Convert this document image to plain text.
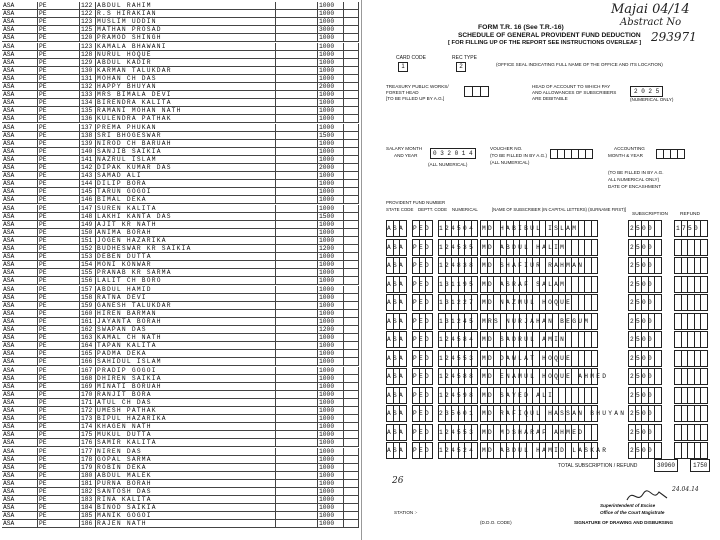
ASA	PE	122 ABDUL RAHIM	1000
ASA	PE	122 R.S HIRAKIAN	1000
ASA	PE	123 MUSLIM UDDIN	1000
ASA	PE	125 MATHAN PROSAD	3000
ASA	PE	120 PRAMOD SHINGH	1000
ASA	PE	123 KAMALA BHAWANI	1000
ASA	PE	128 NURUL HOQUE	1000
ASA	PE	129 ABDUL KADIR	1000
ASA	PE	130 KARMAN TALUKDAR	1000
ASA	PE	131 MOHAN CH DAS	1000
ASA	PE	132 HAPPY BHUYAN	2000
ASA	PE	133 MRS BIMALA DEVI	1000
ASA	PE	134 BIRENDRA KALITA	1000
ASA	PE	135 RAMANI MOHAN NATH	1000
ASA	PE	136 KULENDRA PATHAK	1000
ASA	PE	137 PREMA PHUKAN	1000
ASA	PE	138 SRI BHOGESWAR	1500
ASA	PE	139 NIROD CH BARUAH	1000
ASA	PE	140 SANJIB SAIKIA	1000
ASA	PE	141 NAZRUL ISLAM	1000
ASA	PE	142 DIPAK KUMAR DAS	2000
ASA	PE	143 SAMAD ALI	1000
ASA	PE	144 DILIP BORA	1000
ASA	PE	145 TARUN GOGOI	1000
ASA	PE	146 BIMAL DEKA	1000
ASA	PE	147 SUREN KALITA	1000
ASA	PE	148 LAKHI KANTA DAS	1500
ASA	PE	149 AJIT KR NATH	1000
ASA	PE	150 ANIMA BORAH	1000
ASA	PE	151 JOGEN HAZARIKA	1000
ASA	PE	152 BUDHESWAR KR SAIKIA	1200
ASA	PE	153 DEBEN DUTTA	1000
ASA	PE	154 MONI KONWAR	1000
ASA	PE	155 PRANAB KR SARMA	1000
ASA	PE	156 LALIT CH BORO	1000
ASA	PE	157 ABDUL HAMID	1000
ASA	PE	158 RATNA DEVI	1000
ASA	PE	159 GANESH TALUKDAR	1000
ASA	PE	160 HIREN BARMAN	1000
ASA	PE	161 JAYANTA BORAH	1000
ASA	PE	162 SWAPAN DAS	1200
ASA	PE	163 KAMAL CH NATH	1000
ASA	PE	164 TAPAN KALITA	1000
ASA	PE	165 PADMA DEKA	1000
ASA	PE	166 SAHIDUL ISLAM	1000
ASA	PE	167 PRADIP GOGOI	1000
ASA	PE	168 DHIREN SAIKIA	1000
ASA	PE	169 MINATI BORUAH	1000
ASA	PE	170 RANJIT BORA	1000
ASA	PE	171 ATUL CH DAS	1000
ASA	PE	172 UMESH PATHAK	1000
ASA	PE	173 BIPUL HAZARIKA	1000
ASA	PE	174 KHAGEN NATH	1000
ASA	PE	175 MUKUL DUTTA	1000
ASA	PE	176 SAMIR KALITA	1000
ASA	PE	177 NIREN DAS	1000
ASA	PE	178 GOPAL SARMA	1000
ASA	PE	179 ROBIN DEKA	1000
ASA	PE	180 ABDUL MALEK	1000
ASA	PE	181 PURNA BORAH	1000
ASA	PE	182 SANTOSH DAS	1000
ASA	PE	183 RINA KALITA	1000
ASA	PE	184 BINOD SAIKIA	1000
ASA	PE	185 MANIK GOGOI	1000
ASA	PE	186 RAJEN NATH	1000
Majai 04/14
Abstract No
293971
FORM T.R. 16 (See T.R.-16)
SCHEDULE OF GENERAL PROVIDENT FUND DEDUCTION
[ FOR FILLING UP OF THE REPORT SEE INSTRUCTIONS OVERLEAF ]
CARD CODE
1
REC TYPE
2	(OFFICE SEAL INDICATING FULL NAME OF THE OFFICE AND ITS LOCATION)
TREASURY PUBLIC WORKS/
FOREST HEAD
[TO BE FILLED UP BY A.G.]
HEAD OF ACCOUNT TO WHICH PAY
AND ALLOWANCES OF SUBSCRIBERS
ARE DEBITABLE
2 0 2 5
(NUMERICAL ONLY)
SALARY MONTH
AND YEAR	0 3 2 0 1 4
(ALL NUMERICAL)
VOUCHER NO.
(TO BE FILLED IN BY A.G.)
(ALL NUMERICAL)
ACCOUNTING
MONTH & YEAR
(TO BE FILLED IN BY A.G.
ALL NUMERICAL ONLY)
DATE OF ENCASHMENT
PROVIDENT FUND NUMBER
STATE CODE DEPTT. CODE NUMERICAL	[NAME OF SUBSCRIBER (IN CAPITAL LETTERS) (SURNAME FIRST)]
SUBSCRIPTION	REFUND
ASA PED 124504 MD HABIBUL ISLAM	2500	1750
ASA PED 124535 MD ABDUL HALIM	2500
ASA PED 124838 MD SHAFIUR RAHMAN	2500
ASA PED 131195 MD ASRAF SALAM	2500
ASA PED 131227 MD NAZMUL HOQUE	2500
ASA PED 131245 MRS NURJAHAN BEGUM	2500
ASA PED 124584 MD SADRUL AMIN	2500
ASA PED 124553 MD DAWLAT HOQUE	2500
ASA PED 124588 MD ENAMUL HOQUE AHMED	2500
ASA PED 124598 MD SAYED ALI	2500
ASA PED 235601 MD RAFIQUL HASSAN BHUYAN 2500
ASA PED 124553 MD MOSHARAF AHMED	2500
ASA PED 124524 MD ABDUL HAMID LASKAR	2500
26
TOTAL SUBSCRIPTION / REFUND	30960	1750
24.04.14
Superintendent of Excise
Office of the Court Magistrate
STATION :-
(D.D.O. CODE)	SIGNATURE OF DRAWING AND DISBURSING
